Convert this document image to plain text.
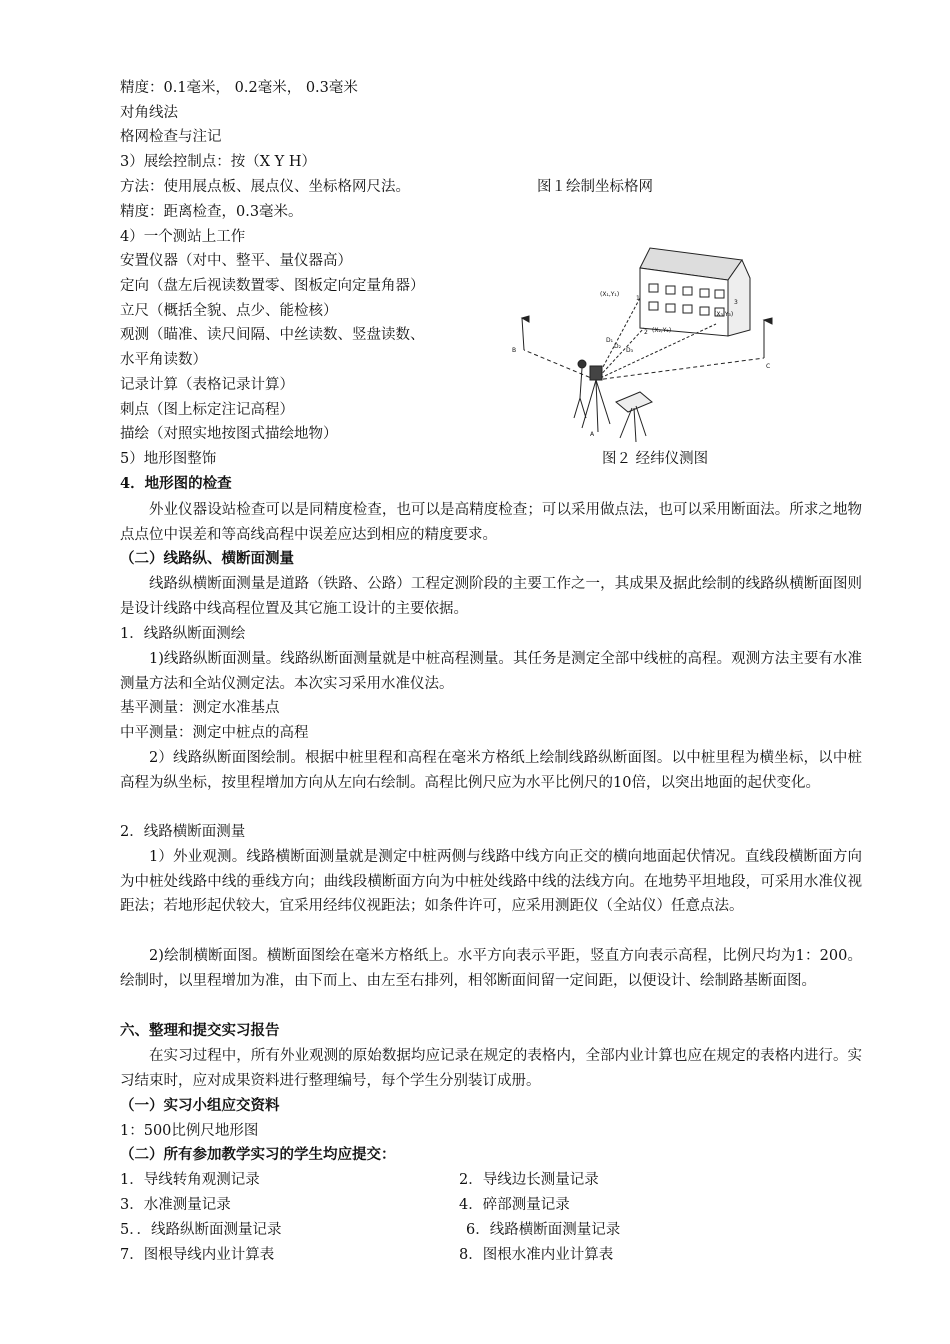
精度：0.1毫米， 0.2毫米， 0.3毫米
对角线法
格网检查与注记
3）展绘控制点：按（X Y H）
方法：使用展点板、展点仪、坐标格网尺法。	图１绘制坐标格网
精度：距离检查，0.3毫米。
4）一个测站上工作
安置仪器（对中、整平、量仪器高）
定向（盘左后视读数置零、图板定向定量角器）
立尺（概括全貌、点少、能检核）
观测（瞄准、读尺间隔、中丝读数、竖盘读数、
水平角读数）
记录计算（表格记录计算）
刺点（图上标定注记高程）
描绘（对照实地按图式描绘地物）
5）地形图整饰	图２ 经纬仪测图
(X₁,Y₁)
(X₂,Y₂)
(X₃,Y₃)
1
2
3
D₁
D₂
D₃
B
C
A
4．地形图的检查

外业仪器设站检查可以是同精度检查，也可以是高精度检查；可以采用做点法，也可以采用断面法。所求之地物点点位中误差和等高线高程中误差应达到相应的精度要求。

（二）线路纵、横断面测量

线路纵横断面测量是道路（铁路、公路）工程定测阶段的主要工作之一，其成果及据此绘制的线路纵横断面图则是设计线路中线高程位置及其它施工设计的主要依据。

1．线路纵断面测绘

1)线路纵断面测量。线路纵断面测量就是中桩高程测量。其任务是测定全部中线桩的高程。观测方法主要有水准测量方法和全站仪测定法。本次实习采用水准仪法。

基平测量：测定水准基点
中平测量：测定中桩点的高程

2）线路纵断面图绘制。根据中桩里程和高程在毫米方格纸上绘制线路纵断面图。以中桩里程为横坐标，以中桩高程为纵坐标，按里程增加方向从左向右绘制。高程比例尺应为水平比例尺的10倍，以突出地面的起伏变化。

2．线路横断面测量

1）外业观测。线路横断面测量就是测定中桩两侧与线路中线方向正交的横向地面起伏情况。直线段横断面方向为中桩处线路中线的垂线方向；曲线段横断面方向为中桩处线路中线的法线方向。在地势平坦地段，可采用水准仪视距法；若地形起伏较大，宜采用经纬仪视距法；如条件许可，应采用测距仪（全站仪）任意点法。

2)绘制横断面图。横断面图绘在毫米方格纸上。水平方向表示平距，竖直方向表示高程，比例尺均为1：200。绘制时，以里程增加为准，由下而上、由左至右排列，相邻断面间留一定间距，以便设计、绘制路基断面图。

六、整理和提交实习报告

在实习过程中，所有外业观测的原始数据均应记录在规定的表格内，全部内业计算也应在规定的表格内进行。实习结束时，应对成果资料进行整理编号，每个学生分别装订成册。

（一）实习小组应交资料
1：500比例尺地形图
（二）所有参加教学实习的学生均应提交：
1．导线转角观测记录	2．导线边长测量记录
3．水准测量记录	4．碎部测量记录
5．．线路纵断面测量记录	6．线路横断面测量记录
7．图根导线内业计算表	8．图根水准内业计算表
